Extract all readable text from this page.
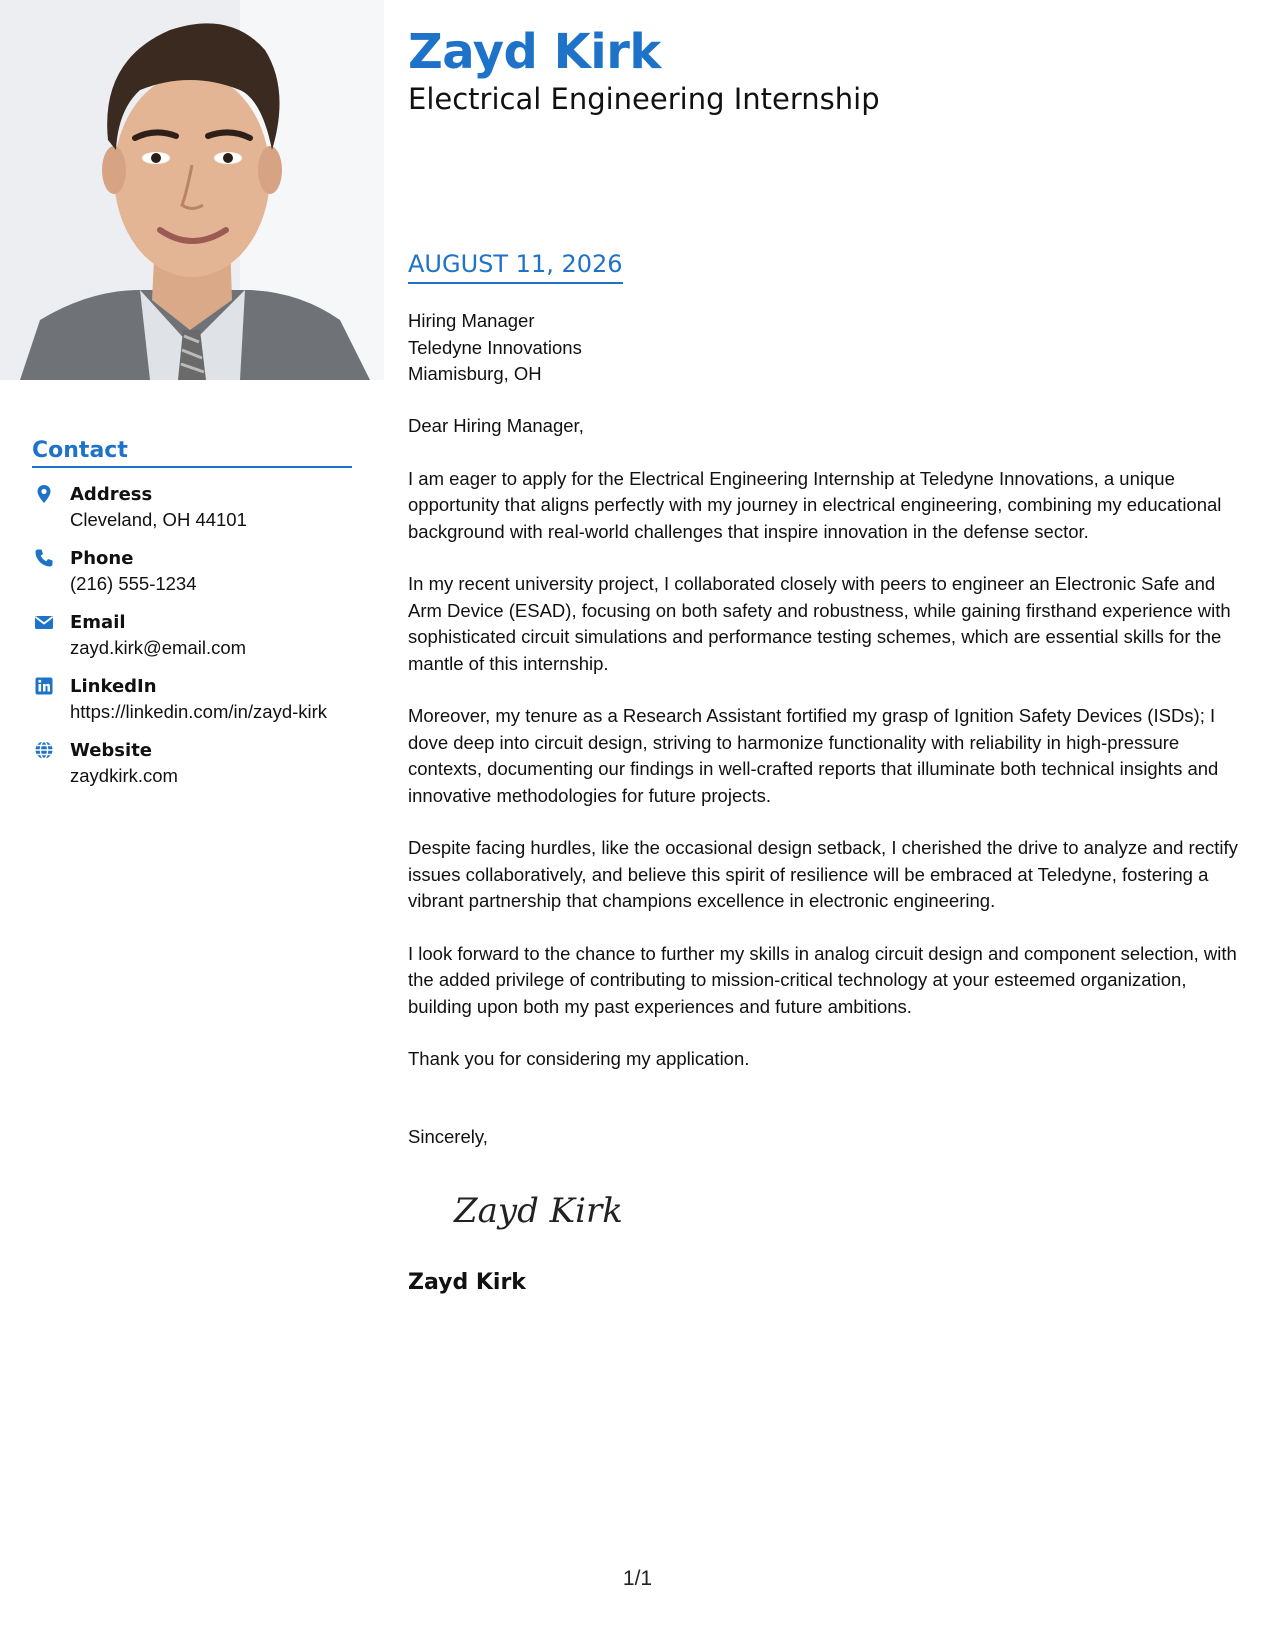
Contact
Address
Cleveland, OH 44101
Phone
(216) 555-1234
Email
zayd.kirk@email.com
LinkedIn
https://linkedin.com/in/zayd-kirk
Website
zaydkirk.com
Zayd Kirk
Electrical Engineering Internship
AUGUST 11, 2026
Hiring Manager
Teledyne Innovations
Miamisburg, OH

Dear Hiring Manager,

I am eager to apply for the Electrical Engineering Internship at Teledyne Innovations, a unique opportunity that aligns perfectly with my journey in electrical engineering, combining my educational background with real-world challenges that inspire innovation in the defense sector.

In my recent university project, I collaborated closely with peers to engineer an Electronic Safe and Arm Device (ESAD), focusing on both safety and robustness, while gaining firsthand experience with sophisticated circuit simulations and performance testing schemes, which are essential skills for the mantle of this internship.

Moreover, my tenure as a Research Assistant fortified my grasp of Ignition Safety Devices (ISDs); I dove deep into circuit design, striving to harmonize functionality with reliability in high-pressure contexts, documenting our findings in well-crafted reports that illuminate both technical insights and innovative methodologies for future projects.

Despite facing hurdles, like the occasional design setback, I cherished the drive to analyze and rectify issues collaboratively, and believe this spirit of resilience will be embraced at Teledyne, fostering a vibrant partnership that champions excellence in electronic engineering.

I look forward to the chance to further my skills in analog circuit design and component selection, with the added privilege of contributing to mission-critical technology at your esteemed organization, building upon both my past experiences and future ambitions.

Thank you for considering my application.

Sincerely,
Zayd Kirk
Zayd Kirk
1/1
